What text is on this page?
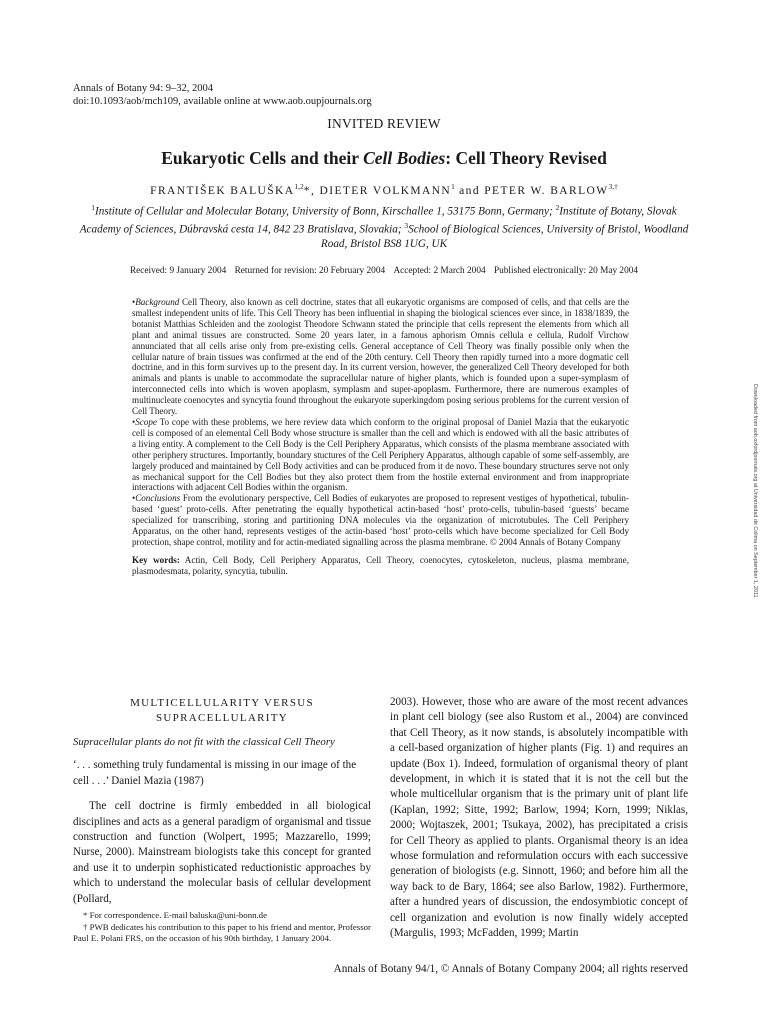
Annals of Botany 94: 9–32, 2004
doi:10.1093/aob/mch109, available online at www.aob.oupjournals.org
INVITED REVIEW
Eukaryotic Cells and their Cell Bodies: Cell Theory Revised
FRANTIŠEK BALUŠKA$^{1,2}$*, DIETER VOLKMANN$^1$ and PETER W. $BARLOW^{3,\dagger}$
$^1$Institute of Cellular and Molecular Botany, University of Bonn, Kirschallee 1, 53175 Bonn, Germany; $^2$Institute of Botany, Slovak Academy of Sciences, Dúbravská cesta 14, 842 23 Bratislava, Slovakia; $^3$School of Biological Sciences, University of Bristol, Woodland Road, Bristol BS8 1UG, UK
Received: 9 January 2004 Returned for revision: 20 February 2004 Accepted: 2 March 2004 Published electronically: 20 May 2004

•Background Cell Theory, also known as cell doctrine, states that all eukaryotic organisms are composed of cells, and that cells are the smallest independent units of life. This Cell Theory has been influential in shaping the biological sciences ever since, in 1838/1839, the botanist Matthias Schleiden and the zoologist Theodore Schwann stated the principle that cells represent the elements from which all plant and animal tissues are constructed. Some 20 years later, in a famous aphorism Omnis cellula e cellula, Rudolf Virchow annunciated that all cells arise only from pre-existing cells. General acceptance of Cell Theory was finally possible only when the cellular nature of brain tissues was confirmed at the end of the 20th century. Cell Theory then rapidly turned into a more dogmatic cell doctrine, and in this form survives up to the present day. In its current version, however, the generalized Cell Theory developed for both animals and plants is unable to accommodate the supracellular nature of higher plants, which is founded upon a super-symplasm of interconnected cells into which is woven apoplasm, symplasm and super-apoplasm. Furthermore, there are numerous examples of multinucleate coenocytes and syncytia found throughout the eukaryote superkingdom posing serious problems for the current version of Cell Theory.

•Scope To cope with these problems, we here review data which conform to the original proposal of Daniel Mazia that the eukaryotic cell is composed of an elemental Cell Body whose structure is smaller than the cell and which is endowed with all the basic attributes of a living entity. A complement to the Cell Body is the Cell Periphery Apparatus, which consists of the plasma membrane associated with other periphery structures. Importantly, boundary stuctures of the Cell Periphery Apparatus, although capable of some self-assembly, are largely produced and maintained by Cell Body activities and can be produced from it de novo. These boundary structures serve not only as mechanical support for the Cell Bodies but they also protect them from the hostile external environment and from inappropriate interactions with adjacent Cell Bodies within the organism.

•Conclusions From the evolutionary perspective, Cell Bodies of eukaryotes are proposed to represent vestiges of hypothetical, tubulin-based ‘guest’ proto-cells. After penetrating the equally hypothetical actin-based ‘host’ proto-cells, tubulin-based ‘guests’ became specialized for transcribing, storing and partitioning DNA molecules via the organization of microtubules. The Cell Periphery Apparatus, on the other hand, represents vestiges of the actin-based ‘host’ proto-cells which have become specialized for Cell Body protection, shape control, motility and for actin-mediated signalling across the plasma membrane. © 2004 Annals of Botany Company

Key words: Actin, Cell Body, Cell Periphery Apparatus, Cell Theory, coenocytes, cytoskeleton, nucleus, plasma membrane, plasmodesmata, polarity, syncytia, tubulin.	Downloaded from aob.oxfordjournals.org at Universidad de Colima on September 1, 2011

MULTICELLULARITY VERSUS

SUPRACELLULARITY

Supracellular plants do not fit with the classical Cell Theory

‘. . . something truly fundamental is missing in our image of the cell . . .’ Daniel Mazia (1987)

The cell doctrine is firmly embedded in all biological disciplines and acts as a general paradigm of organismal and tissue construction and function (Wolpert, 1995; Mazzarello, 1999; Nurse, 2000). Mainstream biologists take this concept for granted and use it to underpin sophisticated reductionistic approaches by which to understand the molecular basis of cellular development (Pollard,

* For correspondence. E-mail baluska@uni-bonn.de

† PWB dedicates his contribution to this paper to his friend and mentor, Professor Paul E. Polani FRS, on the occasion of his 90th birthday, 1 January 2004.

2003). However, those who are aware of the most recent advances in plant cell biology (see also Rustom et al., 2004) are convinced that Cell Theory, as it now stands, is absolutely incompatible with a cell-based organization of higher plants (Fig. 1) and requires an update (Box 1). Indeed, formulation of organismal theory of plant development, in which it is stated that it is not the cell but the whole multicellular organism that is the primary unit of plant life (Kaplan, 1992; Sitte, 1992; Barlow, 1994; Korn, 1999; Niklas, 2000; Wojtaszek, 2001; Tsukaya, 2002), has precipitated a crisis for Cell Theory as applied to plants. Organismal theory is an idea whose formulation and reformulation occurs with each successive generation of biologists (e.g. Sinnott, 1960; and before him all the way back to de Bary, 1864; see also Barlow, 1982). Furthermore, after a hundred years of discussion, the endosymbiotic concept of cell organization and evolution is now finally widely accepted (Margulis, 1993; McFadden, 1999; Martin

Annals of Botany 94/1, © Annals of Botany Company 2004; all rights reserved
